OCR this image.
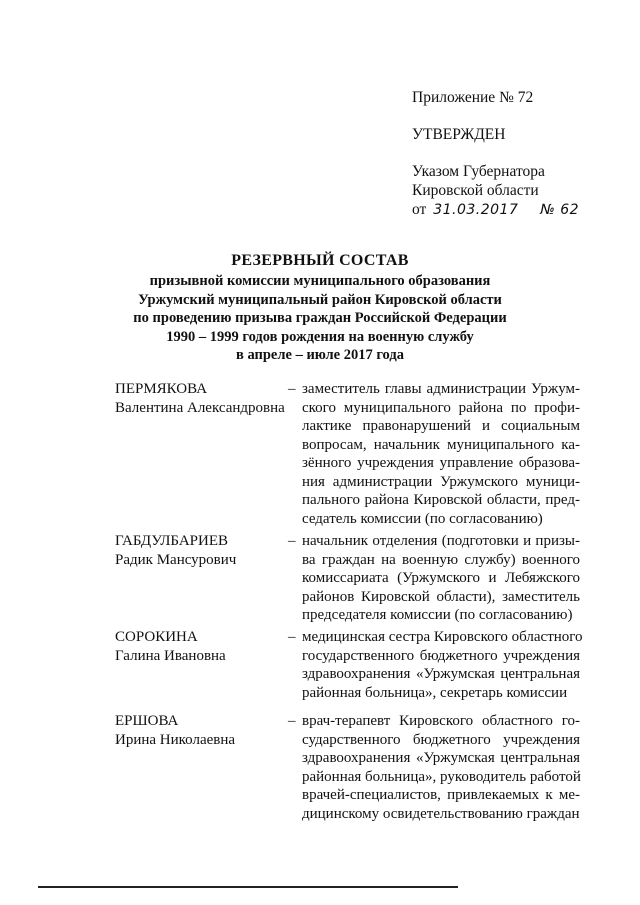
Приложение № 72
УТВЕРЖДЕН
Указом Губернатора
Кировской области
от 31.03.2017 № 62
РЕЗЕРВНЫЙ СОСТАВ
призывной комиссии муниципального образования
Уржумский муниципальный район Кировской области
по проведению призыва граждан Российской Федерации
1990 – 1999 годов рождения на военную службу
в апреле – июле 2017 года
ПЕРМЯКОВА
Валентина Александровна
– заместитель главы администрации Уржум-
ского муниципального района по профи-
лактике правонарушений и социальным
вопросам, начальник муниципального ка-
зённого учреждения управление образова-
ния администрации Уржумского муници-
пального района Кировской области, пред-
седатель комиссии (по согласованию)
ГАБДУЛБАРИЕВ
Радик Мансурович
– начальник отделения (подготовки и призы-
ва граждан на военную службу) военного
комиссариата (Уржумского и Лебяжского
районов Кировской области), заместитель
председателя комиссии (по согласованию)
СОРОКИНА
Галина Ивановна
– медицинская сестра Кировского областного
государственного бюджетного учреждения
здравоохранения «Уржумская центральная
районная больница», секретарь комиссии
ЕРШОВА
Ирина Николаевна
– врач-терапевт Кировского областного го-
сударственного бюджетного учреждения
здравоохранения «Уржумская центральная
районная больница», руководитель работой
врачей-специалистов, привлекаемых к ме-
дицинскому освидетельствованию граждан
